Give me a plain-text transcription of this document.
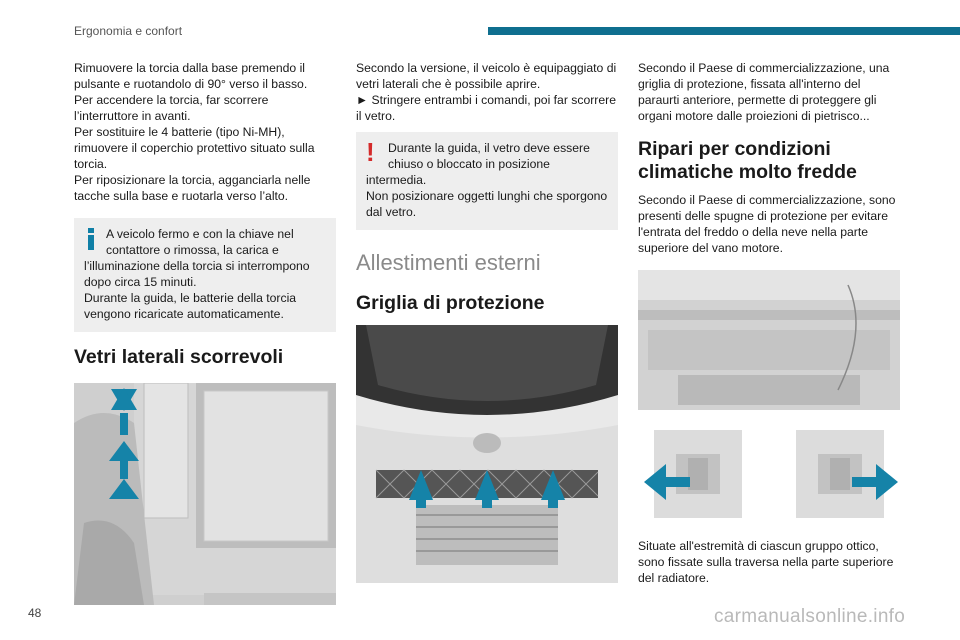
Ergonomia e confort

Rimuovere la torcia dalla base premendo il pulsante e ruotandolo di 90° verso il basso.

Per accendere la torcia, far scorrere l’interruttore in avanti.

Per sostituire le 4 batterie (tipo Ni-MH), rimuovere il coperchio protettivo situato sulla torcia.

Per riposizionare la torcia, agganciarla nelle tacche sulla base e ruotarla verso l’alto.

A veicolo fermo e con la chiave nel contattore o rimossa, la carica e l’illuminazione della torcia si interrompono dopo circa 15 minuti.
Durante la guida, le batterie della torcia vengono ricaricate automaticamente.
Vetri laterali scorrevoli

Secondo la versione, il veicolo è equipaggiato di vetri laterali che è possibile aprire.

► Stringere entrambi i comandi, poi far scorrere il vetro.

!	Durante la guida, il vetro deve essere chiuso o bloccato in posizione intermedia.
Non posizionare oggetti lunghi che sporgono dal vetro.
Allestimenti esterni
Griglia di protezione

Secondo il Paese di commercializzazione, una griglia di protezione, fissata all'interno del paraurti anteriore, permette di proteggere gli organi motore dalle proiezioni di pietrisco...

Ripari per condizioni climatiche molto fredde

Secondo il Paese di commercializzazione, sono presenti delle spugne di protezione per evitare l'entrata del freddo o della neve nella parte superiore del vano motore.

Situate all'estremità di ciascun gruppo ottico, sono fissate sulla traversa nella parte superiore del radiatore.

48	carmanualsonline.info
